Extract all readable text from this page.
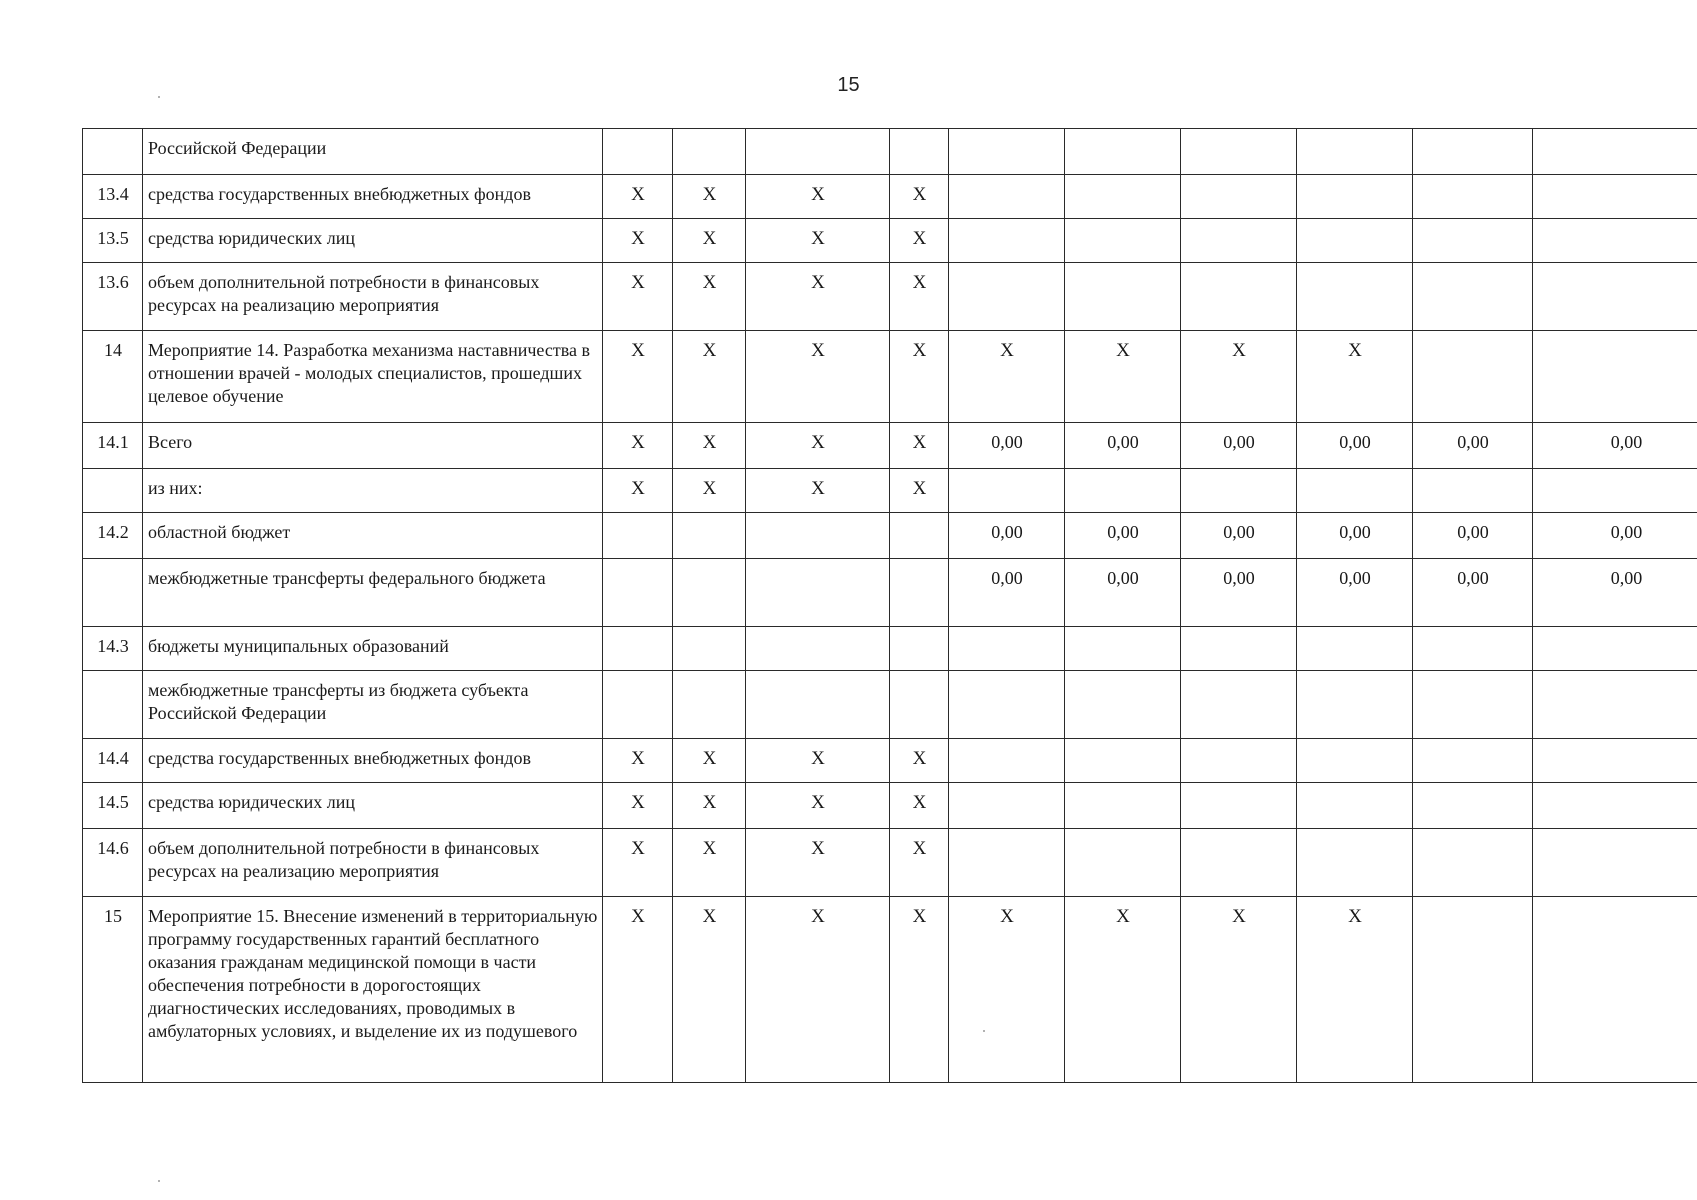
15
	Российской Федерации										
13.4	средства государственных внебюджетных фондов	Х	Х	Х	Х						
13.5	средства юридических лиц	Х	Х	Х	Х						
13.6	объем дополнительной потребности в финансовых ресурсах на реализацию мероприятия	Х	Х	Х	Х						
14	Мероприятие 14. Разработка механизма наставничества в отношении врачей - молодых специалистов, прошедших целевое обучение	Х	Х	Х	Х	Х	Х	Х	Х		
14.1	Всего	Х	Х	Х	Х	0,00	0,00	0,00	0,00	0,00	0,00
	из них:	Х	Х	Х	Х						
14.2	областной бюджет					0,00	0,00	0,00	0,00	0,00	0,00
	межбюджетные трансферты федерального бюджета					0,00	0,00	0,00	0,00	0,00	0,00
14.3	бюджеты муниципальных образований										
	межбюджетные трансферты из бюджета субъекта Российской Федерации										
14.4	средства государственных внебюджетных фондов	Х	Х	Х	Х						
14.5	средства юридических лиц	Х	Х	Х	Х						
14.6	объем дополнительной потребности в финансовых ресурсах на реализацию мероприятия	Х	Х	Х	Х						
15	Мероприятие 15. Внесение изменений в территориальную программу государственных гарантий бесплатного оказания гражданам медицинской помощи в части обеспечения потребности в дорогостоящих диагностических исследованиях, проводимых в амбулаторных условиях, и выделение их из подушевого	Х	Х	Х	Х	Х	Х	Х	Х		
